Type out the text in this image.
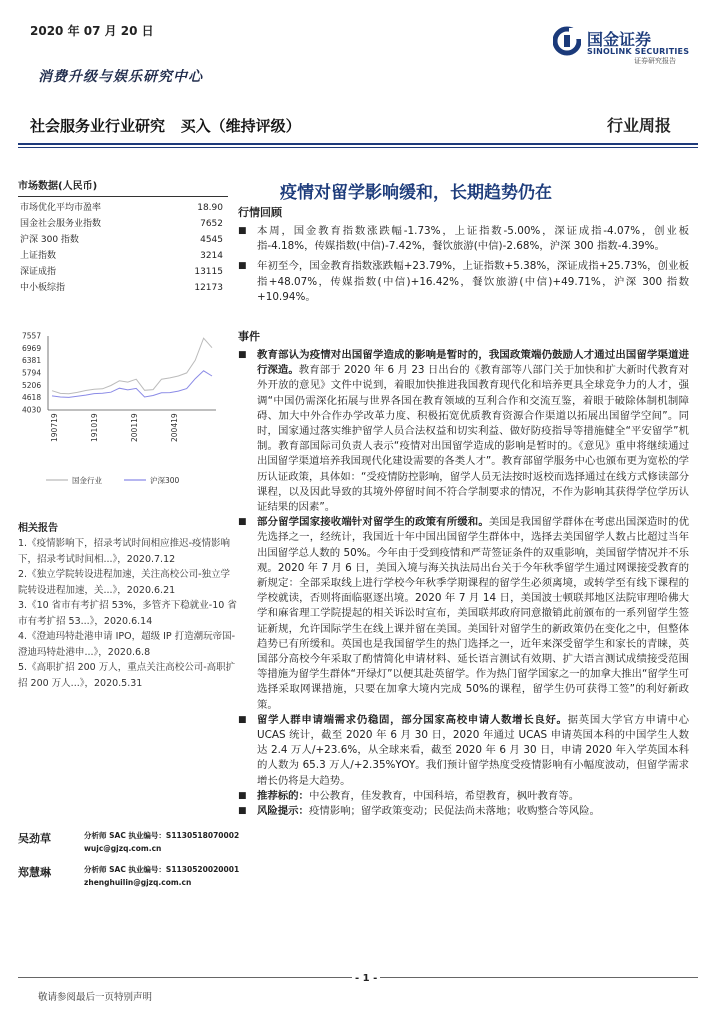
2020 年 07 月 20 日
消费升级与娱乐研究中心
国金证券
SINOLINK SECURITIES
证券研究报告
社会服务业行业研究   买入（维持评级）	行业周报
市场数据(人民币)
市场优化平均市盈率	18.90
国金社会服务业指数	7652
沪深 300 指数	4545
上证指数	3214
深证成指	13115
中小板综指	12173
7557
6969
6381
5794
5206
4618
4030
190719	191019	200119	200419
国金行业	沪深300
相关报告
1.《疫情影响下，招录考试时间相应推迟-疫情影响下，招录考试时间相...》，2020.7.12
2.《独立学院转设进程加速，关注高校公司-独立学院转设进程加速，关...》，2020.6.21
3.《10 省市有考扩招 53%，多管齐下稳就业-10 省市有考扩招 53...》，2020.6.14
4.《澄迪玛特赴港申请 IPO，超级 IP 打造潮玩帝国-澄迪玛特赴港申...》，2020.6.8
5.《高职扩招 200 万人，重点关注高校公司-高职扩招 200 万人...》，2020.5.31
吴劲草	分析师 SAC 执业编号：S1130518070002
wujc@gjzq.com.cn
郑慧琳	分析师 SAC 执业编号：S1130520020001
zhenghuilin@gjzq.com.cn
疫情对留学影响缓和，长期趋势仍在
行情回顾

■ 本周，国金教育指数涨跌幅-1.73%，上证指数-5.00%，深证成指-4.07%，创业板指-4.18%，传媒指数(中信)-7.42%，餐饮旅游(中信)-2.68%，沪深 300 指数-4.39%。

■ 年初至今，国金教育指数涨跌幅+23.79%，上证指数+5.38%，深证成指+25.73%，创业板指+48.07%，传媒指数(中信)+16.42%，餐饮旅游(中信)+49.71%，沪深 300 指数+10.94%。

事件

■ 教育部认为疫情对出国留学造成的影响是暂时的，我国政策端仍鼓励人才通过出国留学渠道进行深造。教育部于 2020 年 6 月 23 日出台的《教育部等八部门关于加快和扩大新时代教育对外开放的意见》文件中说到，着眼加快推进我国教育现代化和培养更具全球竞争力的人才，强调“中国仍需深化拓展与世界各国在教育领域的互利合作和交流互鉴，着眼于破除体制机制障碍、加大中外合作办学改革力度、积极拓宽优质教育资源合作渠道以拓展出国留学空间”。同时，国家通过落实维护留学人员合法权益和切实利益、做好防疫指导等措施健全“平安留学”机制。教育部国际司负责人表示“疫情对出国留学造成的影响是暂时的。《意见》重申将继续通过出国留学渠道培养我国现代化建设需要的各类人才”。教育部留学服务中心也颁布更为宽松的学历认证政策，具体如：“受疫情防控影响，留学人员无法按时返校而选择通过在线方式修读部分课程，以及因此导致的其境外停留时间不符合学制要求的情况，不作为影响其获得学位学历认证结果的因素”。

■ 部分留学国家接收端针对留学生的政策有所缓和。美国是我国留学群体在考虑出国深造时的优先选择之一，经统计，我国近十年中国出国留学生群体中，选择去美国留学人数占比超过当年出国留学总人数的 50%。今年由于受到疫情和严苛签证条件的双重影响，美国留学情况并不乐观。2020 年 7 月 6 日，美国入境与海关执法局出台关于今年秋季留学生通过网课接受教育的新规定：全部采取线上进行学校今年秋季学期课程的留学生必须离境，或转学至有线下课程的学校就读，否则将面临驱逐出境。2020 年 7 月 14 日，美国波士顿联邦地区法院审理哈佛大学和麻省理工学院提起的相关诉讼时宣布，美国联邦政府同意撤销此前颁布的一系列留学生签证新规，允许国际学生在线上课并留在美国。美国针对留学生的新政策仍在变化之中，但整体趋势已有所缓和。英国也是我国留学生的热门选择之一，近年来深受留学生和家长的青睐，英国部分高校今年采取了酌情简化申请材料、延长语言测试有效期、扩大语言测试成绩接受范围等措施为留学生群体“开绿灯”以便其赴英留学。作为热门留学国家之一的加拿大推出“留学生可选择采取网课措施，只要在加拿大境内完成 50%的课程，留学生仍可获得工签”的利好新政策。

■ 留学人群申请端需求仍稳固，部分国家高校申请人数增长良好。据英国大学官方申请中心 UCAS 统计，截至 2020 年 6 月 30 日，2020 年通过 UCAS 申请英国本科的中国学生人数达 2.4 万人/+23.6%，从全球来看，截至 2020 年 6 月 30 日，申请 2020 年入学英国本科的人数为 65.3 万人/+2.35%YOY。我们预计留学热度受疫情影响有小幅度波动，但留学需求增长仍将是大趋势。

■ 推荐标的：中公教育，佳发教育，中国科培，希望教育，枫叶教育等。

■ 风险提示：疫情影响；留学政策变动；民促法尚未落地；收购整合等风险。

- 1 -
敬请参阅最后一页特别声明
